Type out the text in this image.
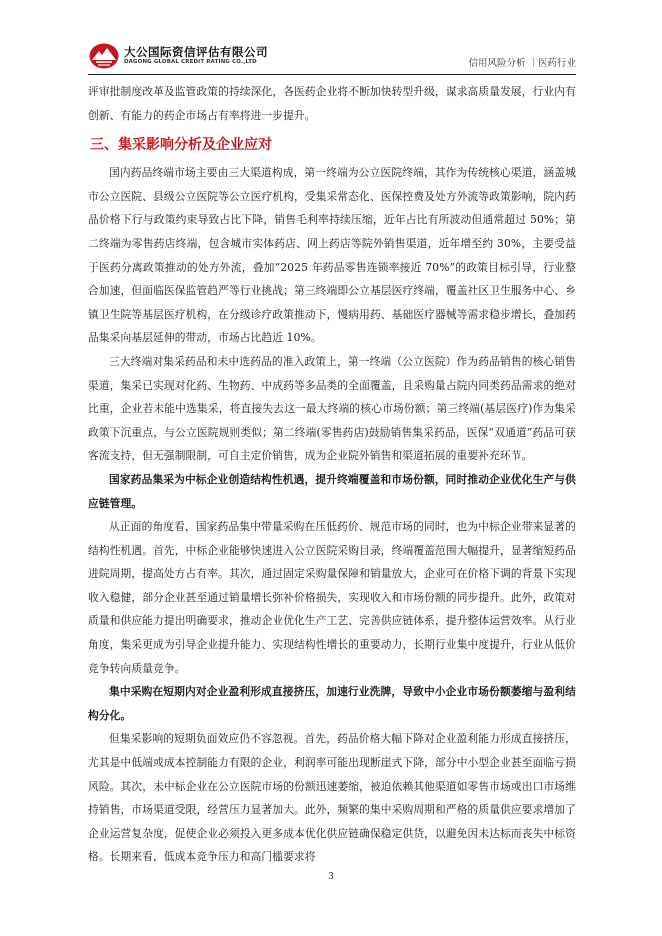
大公国际资信评估有限公司
DAGONG GLOBAL CREDIT RATING CO.,LTD	信用风险分析 ｜医药行业

评审批制度改革及监管政策的持续深化，各医药企业将不断加快转型升级，谋求高质量发展，行业内有创新、有能力的药企市场占有率将进一步提升。

三、集采影响分析及企业应对

国内药品终端市场主要由三大渠道构成，第一终端为公立医院终端，其作为传统核心渠道，涵盖城市公立医院、县级公立医院等公立医疗机构，受集采常态化、医保控费及处方外流等政策影响，院内药品价格下行与政策约束导致占比下降，销售毛利率持续压缩，近年占比有所波动但通常超过 50%；第二终端为零售药店终端，包含城市实体药店、网上药店等院外销售渠道，近年增至约 30%，主要受益于医药分离政策推动的处方外流，叠加“2025 年药品零售连锁率接近 70%”的政策目标引导，行业整合加速，但面临医保监管趋严等行业挑战；第三终端即公立基层医疗终端，覆盖社区卫生服务中心、乡镇卫生院等基层医疗机构，在分级诊疗政策推动下，慢病用药、基础医疗器械等需求稳步增长，叠加药品集采向基层延伸的带动，市场占比趋近 10%。

三大终端对集采药品和未中选药品的准入政策上，第一终端（公立医院）作为药品销售的核心销售渠道，集采已实现对化药、生物药、中成药等多品类的全面覆盖，且采购量占院内同类药品需求的绝对比重，企业若未能中选集采，将直接失去这一最大终端的核心市场份额；第三终端(基层医疗)作为集采政策下沉重点，与公立医院规则类似；第二终端(零售药店)鼓励销售集采药品，医保“双通道”药品可获客流支持，但无强制限制，可自主定价销售，成为企业院外销售和渠道拓展的重要补充环节。

国家药品集采为中标企业创造结构性机遇，提升终端覆盖和市场份额，同时推动企业优化生产与供应链管理。

从正面的角度看，国家药品集中带量采购在压低药价、规范市场的同时，也为中标企业带来显著的结构性机遇。首先，中标企业能够快速进入公立医院采购目录，终端覆盖范围大幅提升，显著缩短药品进院周期，提高处方占有率。其次，通过固定采购量保障和销量放大，企业可在价格下调的背景下实现收入稳健，部分企业甚至通过销量增长弥补价格损失，实现收入和市场份额的同步提升。此外，政策对质量和供应能力提出明确要求，推动企业优化生产工艺、完善供应链体系，提升整体运营效率。从行业角度，集采更成为引导企业提升能力、实现结构性增长的重要动力，长期行业集中度提升，行业从低价竞争转向质量竞争。

集中采购在短期内对企业盈利形成直接挤压，加速行业洗牌，导致中小企业市场份额萎缩与盈利结构分化。

但集采影响的短期负面效应仍不容忽视。首先，药品价格大幅下降对企业盈利能力形成直接挤压，尤其是中低端或成本控制能力有限的企业，利润率可能出现断崖式下降，部分中小型企业甚至面临亏损风险。其次，未中标企业在公立医院市场的份额迅速萎缩，被迫依赖其他渠道如零售市场或出口市场维持销售，市场渠道受限，经营压力显著加大。此外，频繁的集中采购周期和严格的质量供应要求增加了企业运营复杂度，促使企业必须投入更多成本优化供应链确保稳定供货，以避免因未达标而丧失中标资格。长期来看，低成本竞争压力和高门槛要求将

3
